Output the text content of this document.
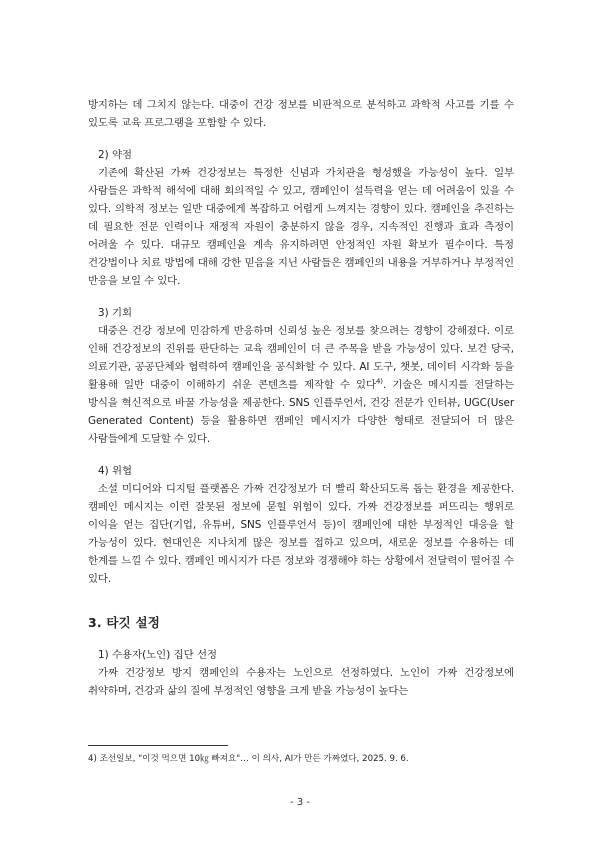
방지하는 데 그치지 않는다. 대중이 건강 정보를 비판적으로 분석하고 과학적 사고를 기를 수 있도록 교육 프로그램을 포함할 수 있다.

2) 약점

기존에 확산된 가짜 건강정보는 특정한 신념과 가치관을 형성했을 가능성이 높다. 일부 사람들은 과학적 해석에 대해 회의적일 수 있고, 캠페인이 설득력을 얻는 데 어려움이 있을 수 있다. 의학적 정보는 일반 대중에게 복잡하고 어렵게 느껴지는 경향이 있다. 캠페인을 추진하는 데 필요한 전문 인력이나 재정적 자원이 충분하지 않을 경우, 지속적인 진행과 효과 측정이 어려울 수 있다. 대규모 캠페인을 계속 유지하려면 안정적인 자원 확보가 필수이다. 특정 건강법이나 치료 방법에 대해 강한 믿음을 지닌 사람들은 캠페인의 내용을 거부하거나 부정적인 반응을 보일 수 있다.

3) 기회

대중은 건강 정보에 민감하게 반응하며 신뢰성 높은 정보를 찾으려는 경향이 강해졌다. 이로 인해 건강정보의 진위를 판단하는 교육 캠페인이 더 큰 주목을 받을 가능성이 있다. 보건 당국, 의료기관, 공공단체와 협력하여 캠페인을 공식화할 수 있다. AI 도구, 챗봇, 데이터 시각화 등을 활용해 일반 대중이 이해하기 쉬운 콘텐츠를 제작할 수 있다$^{4)}$. 기술은 메시지를 전달하는 방식을 혁신적으로 바꿀 가능성을 제공한다. SNS 인플루언서, 건강 전문가 인터뷰, UGC(User Generated Content) 등을 활용하면 캠페인 메시지가 다양한 형태로 전달되어 더 많은 사람들에게 도달할 수 있다.

4) 위협

소셜 미디어와 디지털 플랫폼은 가짜 건강정보가 더 빨리 확산되도록 돕는 환경을 제공한다. 캠페인 메시지는 이런 잘못된 정보에 묻힐 위험이 있다. 가짜 건강정보를 퍼뜨리는 행위로 이익을 얻는 집단(기업, 유튜버, SNS 인플루언서 등)이 캠페인에 대한 부정적인 대응을 할 가능성이 있다. 현대인은 지나치게 많은 정보를 접하고 있으며, 새로운 정보를 수용하는 데 한계를 느낄 수 있다. 캠페인 메시지가 다른 정보와 경쟁해야 하는 상황에서 전달력이 떨어질 수 있다.

3. 타깃 설정

1) 수용자(노인) 집단 선정

가짜 건강정보 방지 캠페인의 수용자는 노인으로 선정하였다. 노인이 가짜 건강정보에 취약하며, 건강과 삶의 질에 부정적인 영향을 크게 받을 가능성이 높다는

4) 조선일보, "이것 먹으면 10㎏ 빠져요"… 이 의사, AI가 만든 가짜였다, 2025. 9. 6.

- 3 -
